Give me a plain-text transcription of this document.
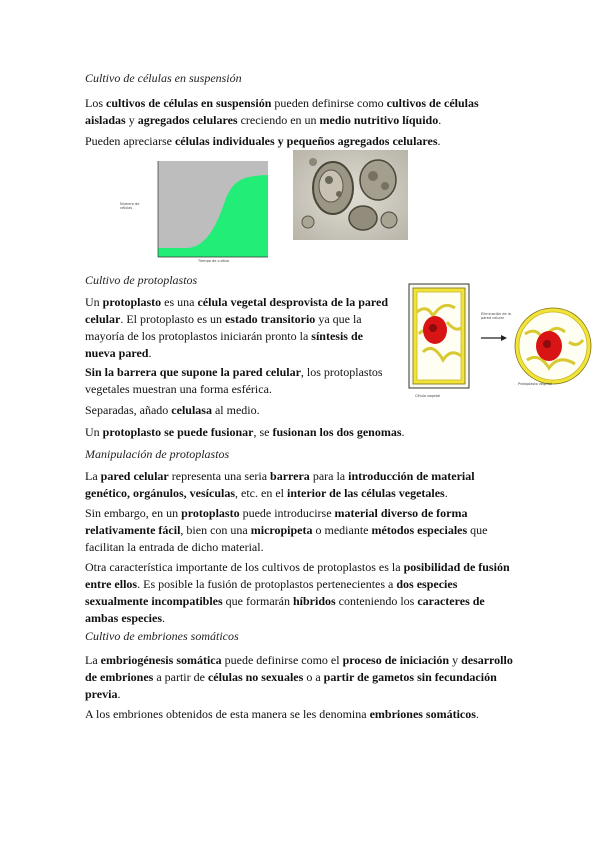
Cultivo de células en suspensión

Los cultivos de células en suspensión pueden definirse como cultivos de células aisladas y agregados celulares creciendo en un medio nutritivo líquido.

Pueden apreciarse células individuales y pequeños agregados celulares.

Número de células
Tiempo de cultivo
Cultivo de protoplastos

Un protoplasto es una célula vegetal desprovista de la pared celular. El protoplasto es un estado transitorio ya que la mayoría de los protoplastos iniciarán pronto la síntesis de nueva pared.

Sin la barrera que supone la pared celular, los protoplastos vegetales muestran una forma esférica.

Separadas, añado celulasa al medio.

Un protoplasto se puede fusionar, se fusionan los dos genomas.

Célula vegetal
Eliminación de la pared celular
Protoplasto vegetal
Manipulación de protoplastos

La pared celular representa una seria barrera para la introducción de material genético, orgánulos, vesículas, etc. en el interior de las células vegetales.

Sin embargo, en un protoplasto puede introducirse material diverso de forma relativamente fácil, bien con una micropipeta o mediante métodos especiales que facilitan la entrada de dicho material.

Otra característica importante de los cultivos de protoplastos es la posibilidad de fusión entre ellos. Es posible la fusión de protoplastos pertenecientes a dos especies sexualmente incompatibles que formarán híbridos conteniendo los caracteres de ambas especies.

Cultivo de embriones somáticos

La embriogénesis somática puede definirse como el proceso de iniciación y desarrollo de embriones a partir de células no sexuales o a partir de gametos sin fecundación previa.

A los embriones obtenidos de esta manera se les denomina embriones somáticos.
